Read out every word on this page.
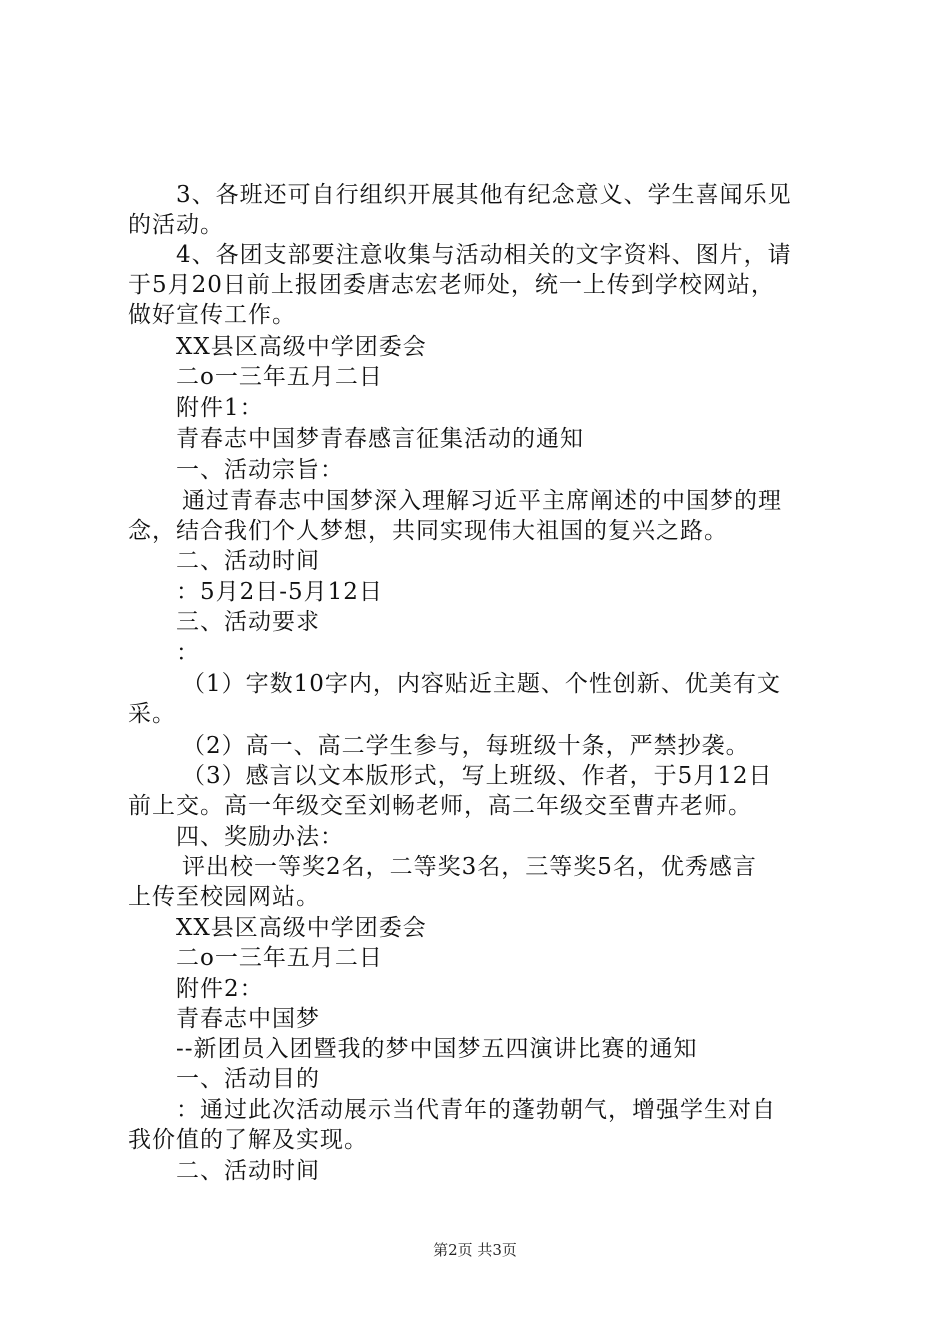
3、各班还可自行组织开展其他有纪念意义、学生喜闻乐见
的活动。
4、各团支部要注意收集与活动相关的文字资料、图片，请
于5月20日前上报团委唐志宏老师处，统一上传到学校网站，
做好宣传工作。
XX县区高级中学团委会
二o一三年五月二日
附件1：
青春志中国梦青春感言征集活动的通知
一、活动宗旨：
通过青春志中国梦深入理解习近平主席阐述的中国梦的理
念，结合我们个人梦想，共同实现伟大祖国的复兴之路。
二、活动时间
：5月2日-5月12日
三、活动要求
：
（1）字数10字内，内容贴近主题、个性创新、优美有文
采。
（2）高一、高二学生参与，每班级十条，严禁抄袭。
（3）感言以文本版形式，写上班级、作者，于5月12日
前上交。高一年级交至刘畅老师，高二年级交至曹卉老师。
四、奖励办法：
评出校一等奖2名，二等奖3名，三等奖5名，优秀感言
上传至校园网站。
XX县区高级中学团委会
二o一三年五月二日
附件2：
青春志中国梦
--新团员入团暨我的梦中国梦五四演讲比赛的通知
一、活动目的
：通过此次活动展示当代青年的蓬勃朝气，增强学生对自
我价值的了解及实现。
二、活动时间
第2页 共3页
